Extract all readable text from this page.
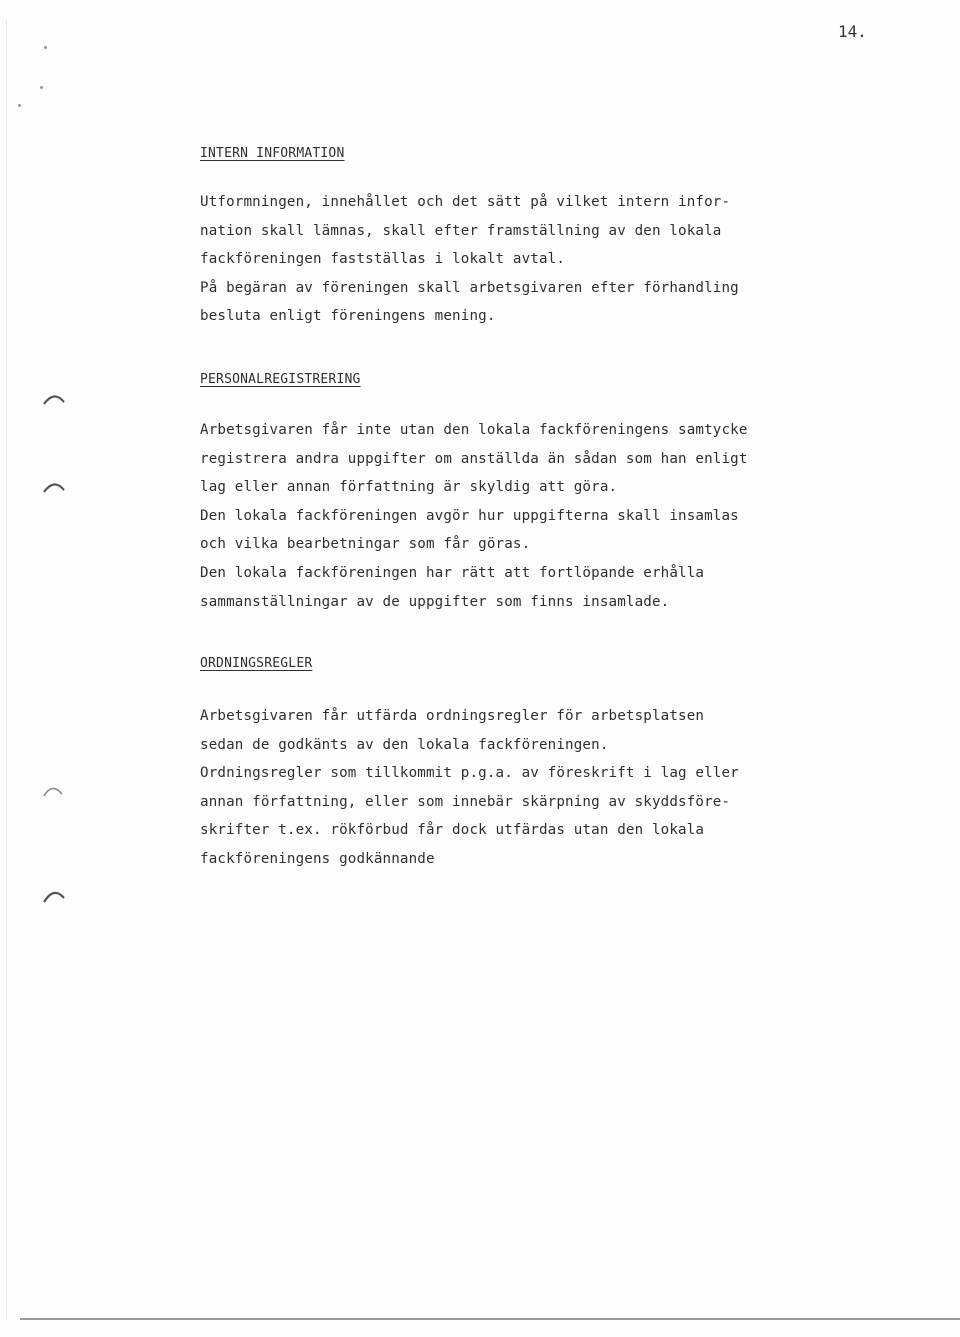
14.
INTERN INFORMATION
Utformningen, innehållet och det sätt på vilket intern infor-
nation skall lämnas, skall efter framställning av den lokala
fackföreningen fastställas i lokalt avtal.
På begäran av föreningen skall arbetsgivaren efter förhandling
besluta enligt föreningens mening.
PERSONALREGISTRERING
Arbetsgivaren får inte utan den lokala fackföreningens samtycke
registrera andra uppgifter om anställda än sådan som han enligt
lag eller annan författning är skyldig att göra.
Den lokala fackföreningen avgör hur uppgifterna skall insamlas
och vilka bearbetningar som får göras.
Den lokala fackföreningen har rätt att fortlöpande erhålla
sammanställningar av de uppgifter som finns insamlade.
ORDNINGSREGLER
Arbetsgivaren får utfärda ordningsregler för arbetsplatsen
sedan de godkänts av den lokala fackföreningen.
Ordningsregler som tillkommit p.g.a. av föreskrift i lag eller
annan författning, eller som innebär skärpning av skyddsföre-
skrifter t.ex. rökförbud får dock utfärdas utan den lokala
fackföreningens godkännande
